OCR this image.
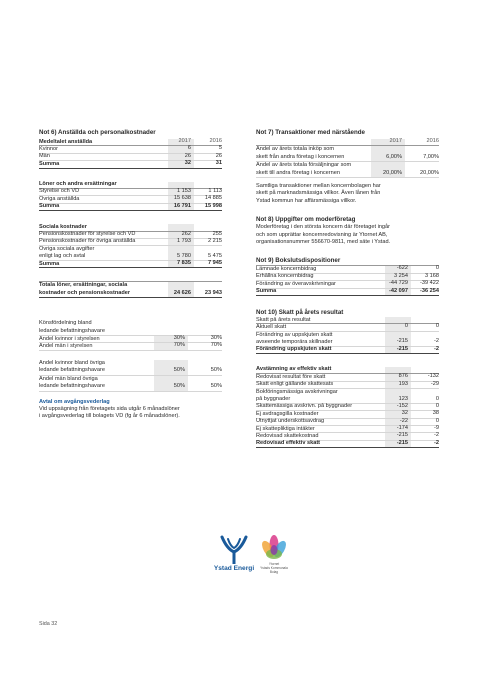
Not 6) Anställda och personalkostnader
Medeltalet anställda	2017	2016
Kvinnor	6	5
Män	26	26
Summa	32	31
Löner och andra ersättningar
Styrelse och VD	1 153	1 113
Övriga anställda	15 638	14 885
Summa	16 791	15 998
Sociala kostnader
Pensionskostnader för styrelse och VD	262	255
Pensionskostnader för övriga anställda	1 793	2 215
Övriga sociala avgifter
enligt lag och avtal	5 780	5 475
Summa	7 835	7 945
Totala löner, ersättningar, sociala
kostnader och pensionskostnader	24 626	23 943
Könsfördelning bland
ledande befattningshavare
Andel kvinnor i styrelsen	30%	30%
Andel män i styrelsen	70%	70%
Andel kvinnor bland övriga
ledande befattningshavare	50%	50%
Andel män bland övriga
ledande befattningshavare	50%	50%
Avtal om avgångsvederlag
Vid uppsägning från företagets sida utgår 6 månadslöner
i avgångsvederlag till bolagets VD (fg år 6 månadslöner).
Not 7) Transaktioner med närstående
2017	2016
Andel av årets totala inköp som
skett från andra företag i koncernen	6,00%	7,00%
Andel av årets totala försäljningar som
skett till andra företag i koncernen	20,00%	20,00%
Samtliga transaktioner mellan koncernbolagen har
skett på marknadsmässiga villkor. Även lånen från
Ystad kommun har affärsmässiga villkor.
Not 8) Uppgifter om moderföretag
Moderföretag i den största koncern där företaget ingår
och som upprättar koncernredovisning är Ytornet AB,
organisationsnummer 556670-9811, med säte i Ystad.
Not 9) Bokslutsdispositioner
Lämnade koncernbidrag	-622	0
Erhållna koncernbidrag	3 254	3 168
Förändring av överavskrivningar	-44 729	-39 422
Summa	-42 097	-36 254
Not 10) Skatt på årets resultat
Skatt på årets resultat
Aktuell skatt	0	0
Förändring av uppskjuten skatt
avseende temporära skillnader	-215	-2
Förändring uppskjuten skatt	-215	-2
Avstämning av effektiv skatt
Redovisat resultat före skatt	876	-132
Skatt enligt gällande skattesats	193	-29
Bokföringsmässiga avskrivningar
på byggnader	123	0
Skattemässiga avskrivn. på byggnader	-152	0
Ej avdragsgilla kostnader	32	38
Utnyttjat underskottsavdrag	-22	0
Ej skattepliktiga intäkter	-174	-9
Redovisad skattekostnad	-215	-2
Redovisad effektiv skatt	-215	-2
Ystad Energi
Ytornet
Ystads Kommunala
Bolag
Sida 32
